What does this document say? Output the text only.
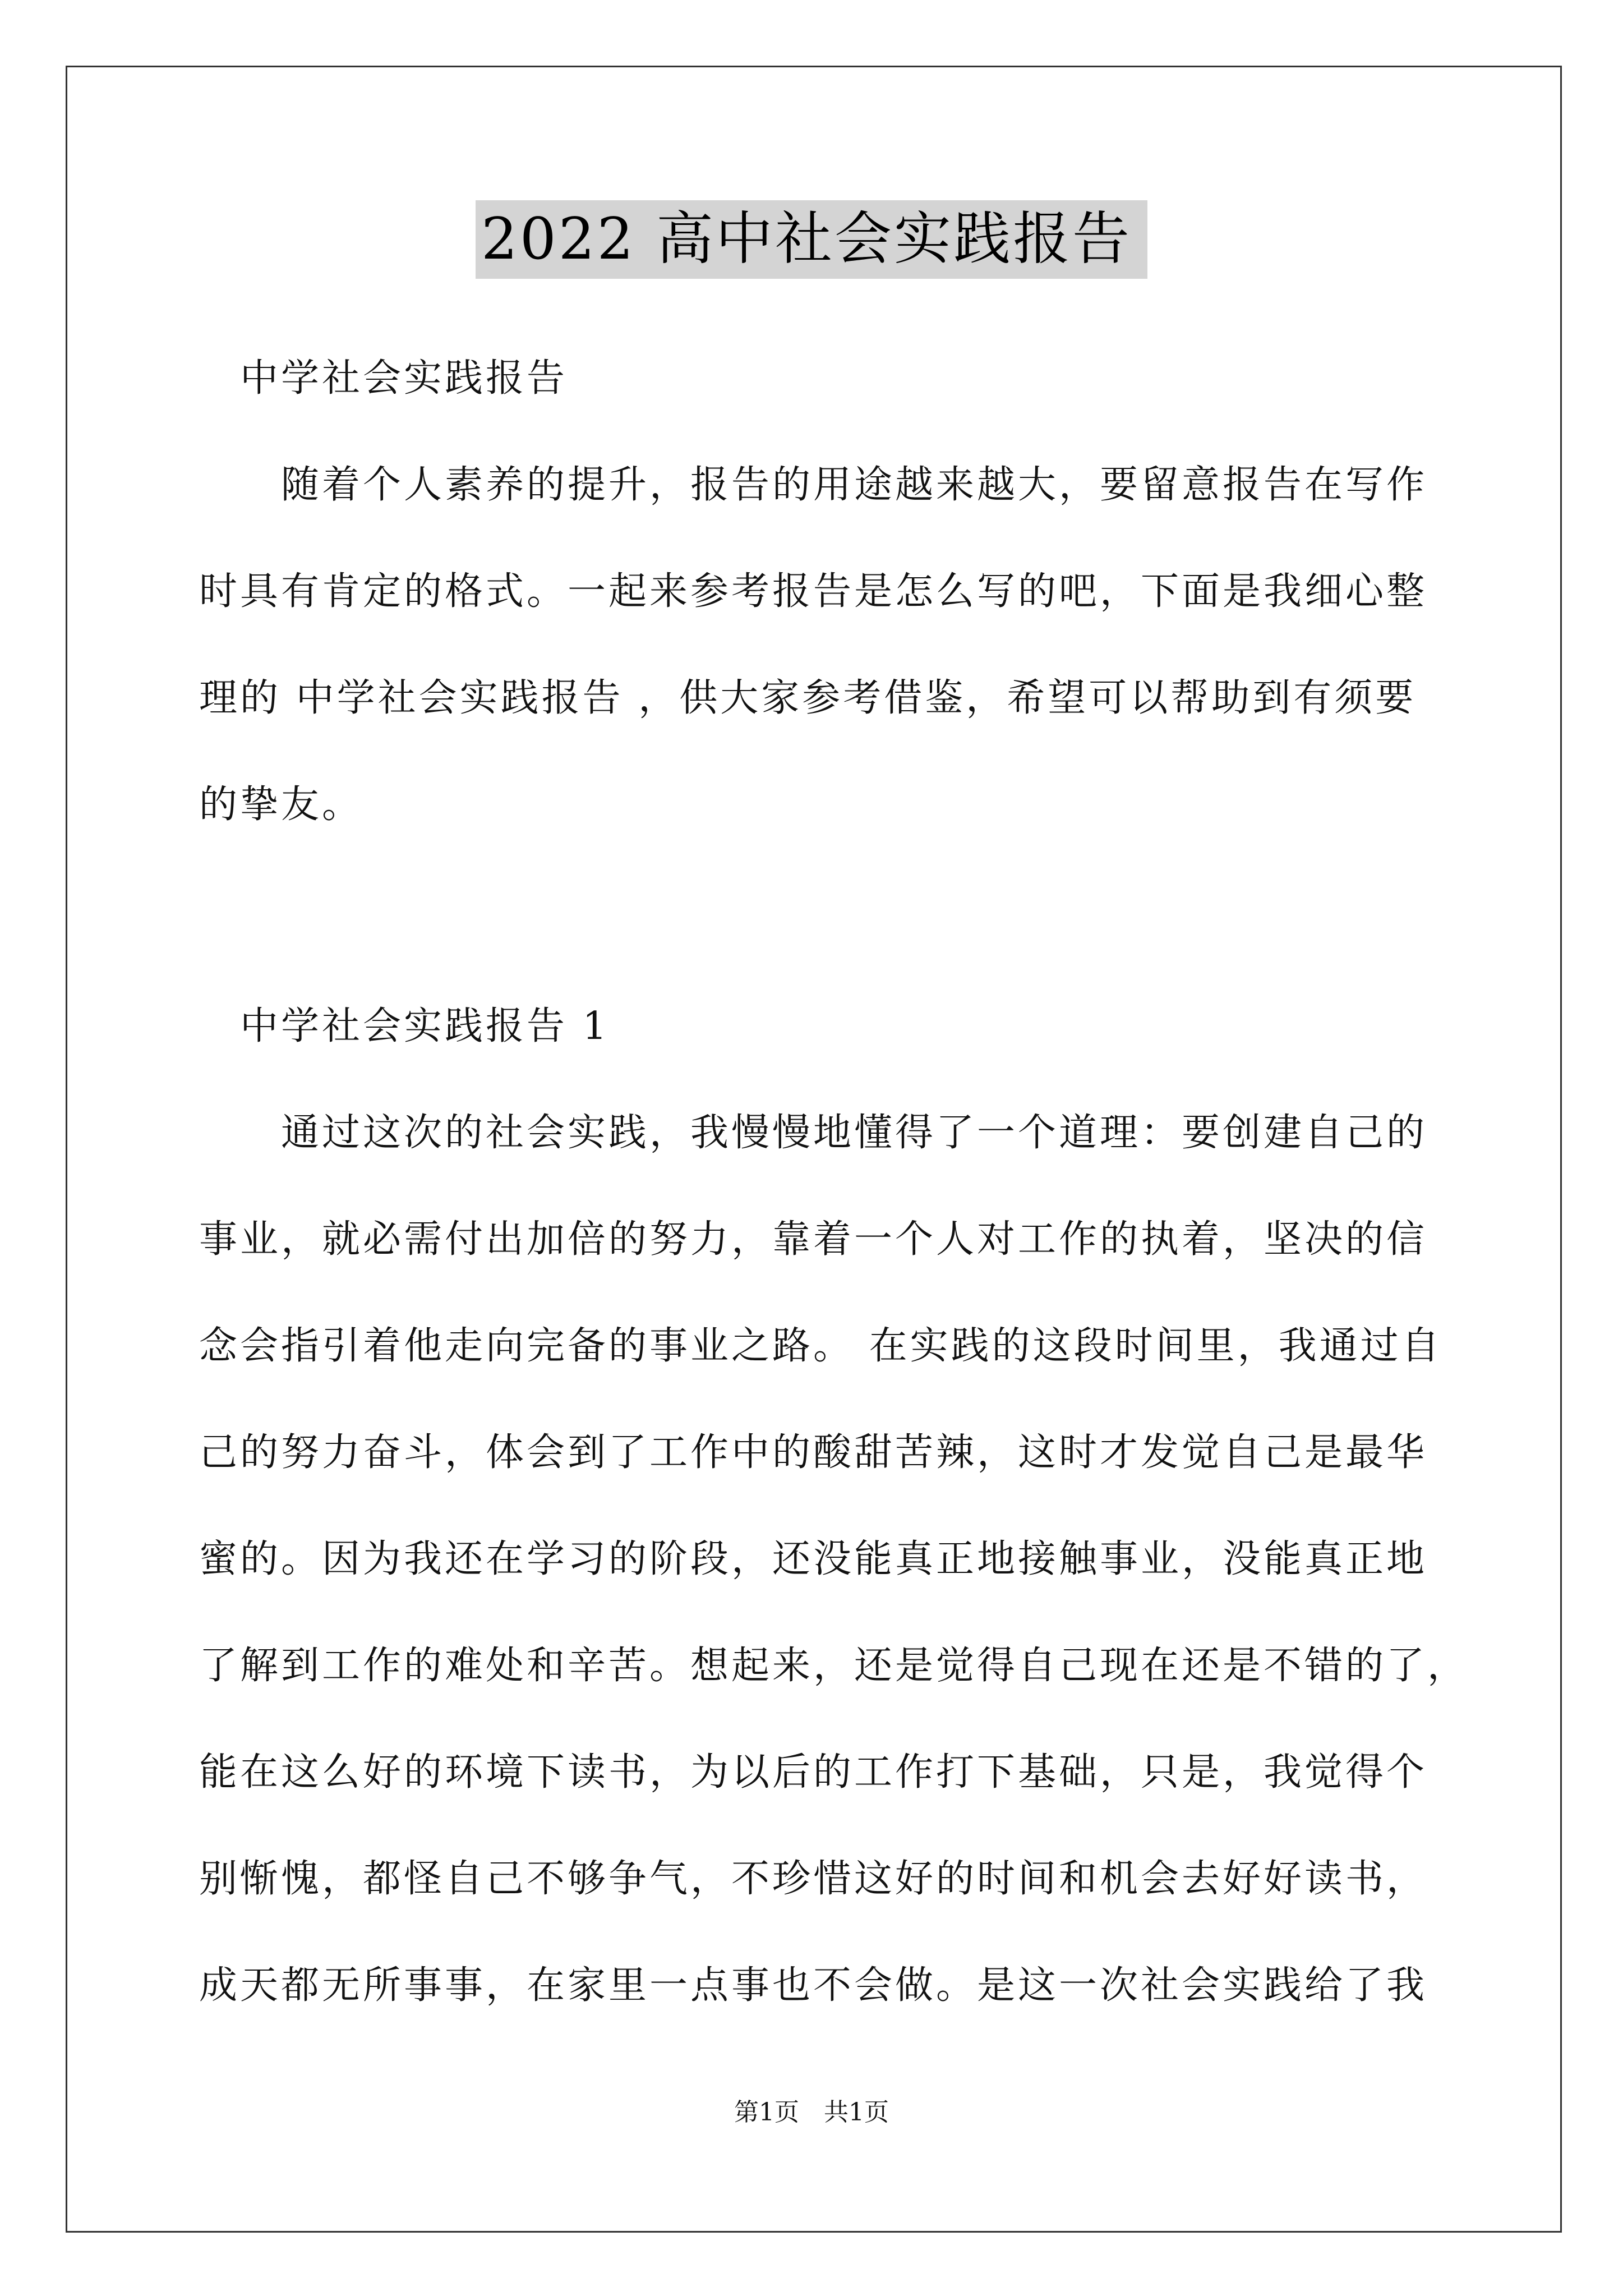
2022 高中社会实践报告
　中学社会实践报告
　　随着个人素养的提升，报告的用途越来越大，要留意报告在写作
时具有肯定的格式。一起来参考报告是怎么写的吧，下面是我细心整
理的 中学社会实践报告 ，供大家参考借鉴，希望可以帮助到有须要
的挚友。
　中学社会实践报告 1
　　通过这次的社会实践，我慢慢地懂得了一个道理：要创建自己的
事业，就必需付出加倍的努力，靠着一个人对工作的执着，坚决的信
念会指引着他走向完备的事业之路。 在实践的这段时间里，我通过自
己的努力奋斗，体会到了工作中的酸甜苦辣，这时才发觉自己是最华
蜜的。因为我还在学习的阶段，还没能真正地接触事业，没能真正地
了解到工作的难处和辛苦。想起来，还是觉得自己现在还是不错的了，
能在这么好的环境下读书，为以后的工作打下基础，只是，我觉得个
别惭愧，都怪自己不够争气，不珍惜这好的时间和机会去好好读书，
成天都无所事事，在家里一点事也不会做。是这一次社会实践给了我
第1页　共1页
